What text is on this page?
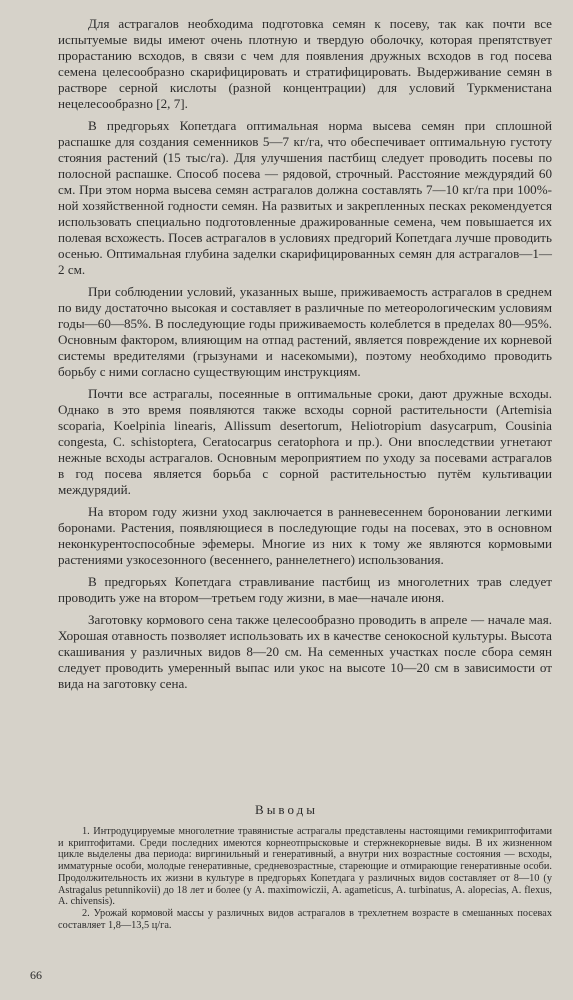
Для астрагалов необходима подготовка семян к посеву, так как почти все испытуемые виды имеют очень плотную и твердую оболочку, которая препятствует прорастанию всходов, в связи с чем для появления дружных всходов в год посева семена целесообразно скарифицировать и стратифицировать. Выдерживание семян в растворе серной кислоты (разной концентрации) для условий Туркменистана нецелесообразно [2, 7].

В предгорьях Копетдага оптимальная норма высева семян при сплошной распашке для создания семенников 5—7 кг/га, что обеспечивает оптимальную густоту стояния растений (15 тыс/га). Для улучшения пастбищ следует проводить посевы по полосной распашке. Способ посева — рядовой, строчный. Расстояние междурядий 60 см. При этом норма высева семян астрагалов должна составлять 7—10 кг/га при 100%-ной хозяйственной годности семян. На развитых и закрепленных песках рекомендуется использовать специально подготовленные дражированные семена, чем повышается их полевая всхожесть. Посев астрагалов в условиях предгорий Копетдага лучше проводить осенью. Оптимальная глубина заделки скарифицированных семян для астрагалов—1—2 см.

При соблюдении условий, указанных выше, приживаемость астрагалов в среднем по виду достаточно высокая и составляет в различные по метеорологическим условиям годы—60—85%. В последующие годы приживаемость колеблется в пределах 80—95%. Основным фактором, влияющим на отпад растений, является повреждение их корневой системы вредителями (грызунами и насекомыми), поэтому необходимо проводить борьбу с ними согласно существующим инструкциям.

Почти все астрагалы, посеянные в оптимальные сроки, дают дружные всходы. Однако в это время появляются также всходы сорной растительности (Artemisia scoparia, Koelpinia linearis, Allissum desertorum, Heliotropium dasycarpum, Cousinia congesta, C. schistoptera, Ceratocarpus ceratophora и пр.). Они впоследствии угнетают нежные всходы астрагалов. Основным мероприятием по уходу за посевами астрагалов в год посева является борьба с сорной растительностью путём культивации междурядий.

На втором году жизни уход заключается в ранневесеннем бороновании легкими боронами. Растения, появляющиеся в последующие годы на посевах, это в основном неконкурентоспособные эфемеры. Многие из них к тому же являются кормовыми растениями узкосезонного (весеннего, раннелетнего) использования.

В предгорьях Копетдага стравливание пастбищ из многолетних трав следует проводить уже на втором—третьем году жизни, в мае—начале июня.

Заготовку кормового сена также целесообразно проводить в апреле — начале мая. Хорошая отавность позволяет использовать их в качестве сенокосной культуры. Высота скашивания у различных видов 8—20 см. На семенных участках после сбора семян следует проводить умеренный выпас или укос на высоте 10—20 см в зависимости от вида на заготовку сена.

Выводы

1. Интродуцируемые многолетние травянистые астрагалы представлены настоящими гемикриптофитами и криптофитами. Среди последних имеются корнеотпрысковые и стержнекорневые виды. В их жизненном цикле выделены два периода: виргинильный и генеративный, а внутри них возрастные состояния — всходы, имматурные особи, молодые генеративные, средневозрастные, стареющие и отмирающие генеративные особи. Продолжительность их жизни в культуре в предгорьях Копетдага у различных видов составляет от 8—10 (у Astragalus petunnikovii) до 18 лет и более (у A. maximowiczii, A. agameticus, A. turbinatus, A. alopecias, A. flexus, A. chivensis).

2. Урожай кормовой массы у различных видов астрагалов в трехлетнем возрасте в смешанных посевах составляет 1,8—13,5 ц/га.

66
